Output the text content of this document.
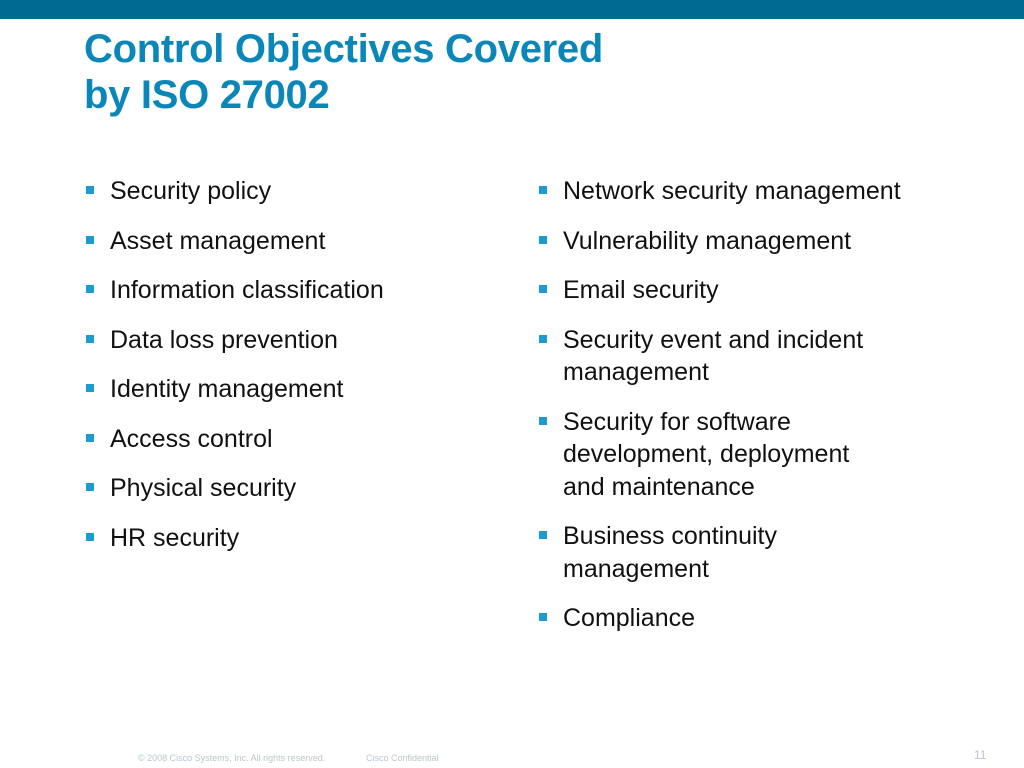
Control Objectives Covered
by ISO 27002
Security policy
Asset management
Information classification
Data loss prevention
Identity management
Access control
Physical security
HR security
Network security management
Vulnerability management
Email security
Security event and incident management
Security for software development, deployment and maintenance
Business continuity management
Compliance
© 2008 Cisco Systems, Inc. All rights reserved.	Cisco Confidential	11
